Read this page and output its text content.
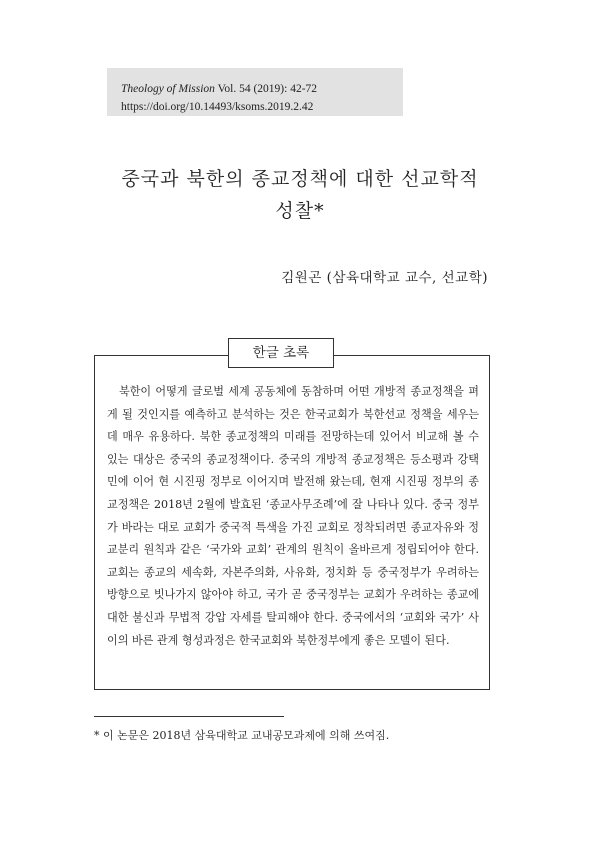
Theology of Mission Vol. 54 (2019): 42-72
https://doi.org/10.14493/ksoms.2019.2.42
중국과 북한의 종교정책에 대한 선교학적
성찰*
김원곤 (삼육대학교 교수, 선교학)
한글 초록

북한이 어떻게 글로벌 세계 공동체에 동참하며 어떤 개방적 종교정책을 펴게 될 것인지를 예측하고 분석하는 것은 한국교회가 북한선교 정책을 세우는데 매우 유용하다. 북한 종교정책의 미래를 전망하는데 있어서 비교해 볼 수 있는 대상은 중국의 종교정책이다. 중국의 개방적 종교정책은 등소평과 강택민에 이어 현 시진핑 정부로 이어지며 발전해 왔는데, 현재 시진핑 정부의 종교정책은 2018년 2월에 발효된 ‘종교사무조례’에 잘 나타나 있다. 중국 정부가 바라는 대로 교회가 중국적 특색을 가진 교회로 정착되려면 종교자유와 정교분리 원칙과 같은 ‘국가와 교회’ 관계의 원칙이 올바르게 정립되어야 한다. 교회는 종교의 세속화, 자본주의화, 사유화, 정치화 등 중국정부가 우려하는 방향으로 빗나가지 않아야 하고, 국가 곧 중국정부는 교회가 우려하는 종교에 대한 불신과 무법적 강압 자세를 탈피해야 한다. 중국에서의 ‘교회와 국가’ 사이의 바른 관계 형성과정은 한국교회와 북한정부에게 좋은 모델이 된다.

* 이 논문은 2018년 삼육대학교 교내공모과제에 의해 쓰여짐.
